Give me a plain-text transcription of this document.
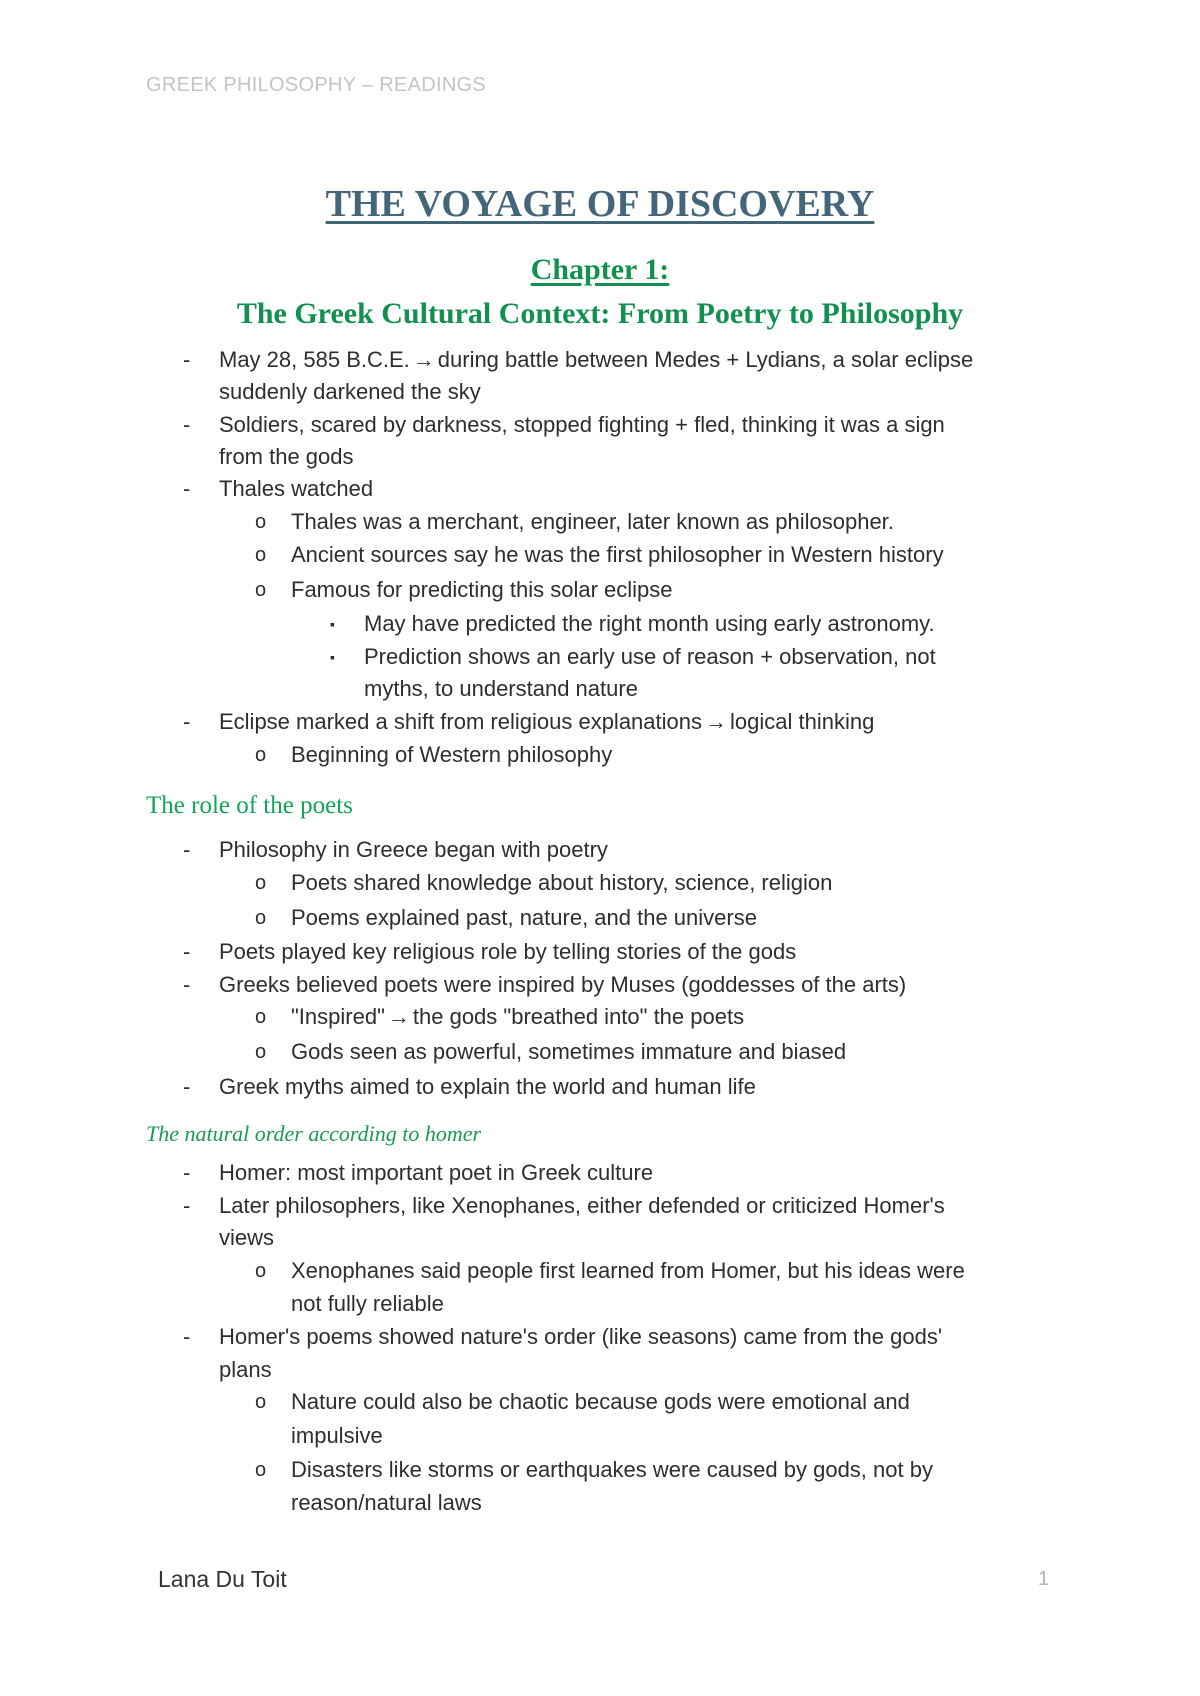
GREEK PHILOSOPHY – READINGS
THE VOYAGE OF DISCOVERY
Chapter 1:
The Greek Cultural Context: From Poetry to Philosophy
- May 28, 585 B.C.E. → during battle between Medes + Lydians, a solar eclipse
suddenly darkened the sky
- Soldiers, scared by darkness, stopped fighting + fled, thinking it was a sign
from the gods
- Thales watched
o Thales was a merchant, engineer, later known as philosopher.
o Ancient sources say he was the first philosopher in Western history
o Famous for predicting this solar eclipse
▪ May have predicted the right month using early astronomy.
▪ Prediction shows an early use of reason + observation, not
myths, to understand nature
- Eclipse marked a shift from religious explanations → logical thinking
o Beginning of Western philosophy
The role of the poets
- Philosophy in Greece began with poetry
o Poets shared knowledge about history, science, religion
o Poems explained past, nature, and the universe
- Poets played key religious role by telling stories of the gods
- Greeks believed poets were inspired by Muses (goddesses of the arts)
o "Inspired" → the gods "breathed into" the poets
o Gods seen as powerful, sometimes immature and biased
- Greek myths aimed to explain the world and human life
The natural order according to homer
- Homer: most important poet in Greek culture
- Later philosophers, like Xenophanes, either defended or criticized Homer's
views
o Xenophanes said people first learned from Homer, but his ideas were
not fully reliable
- Homer's poems showed nature's order (like seasons) came from the gods'
plans
o Nature could also be chaotic because gods were emotional and
impulsive
o Disasters like storms or earthquakes were caused by gods, not by
reason/natural laws
Lana Du Toit	1
